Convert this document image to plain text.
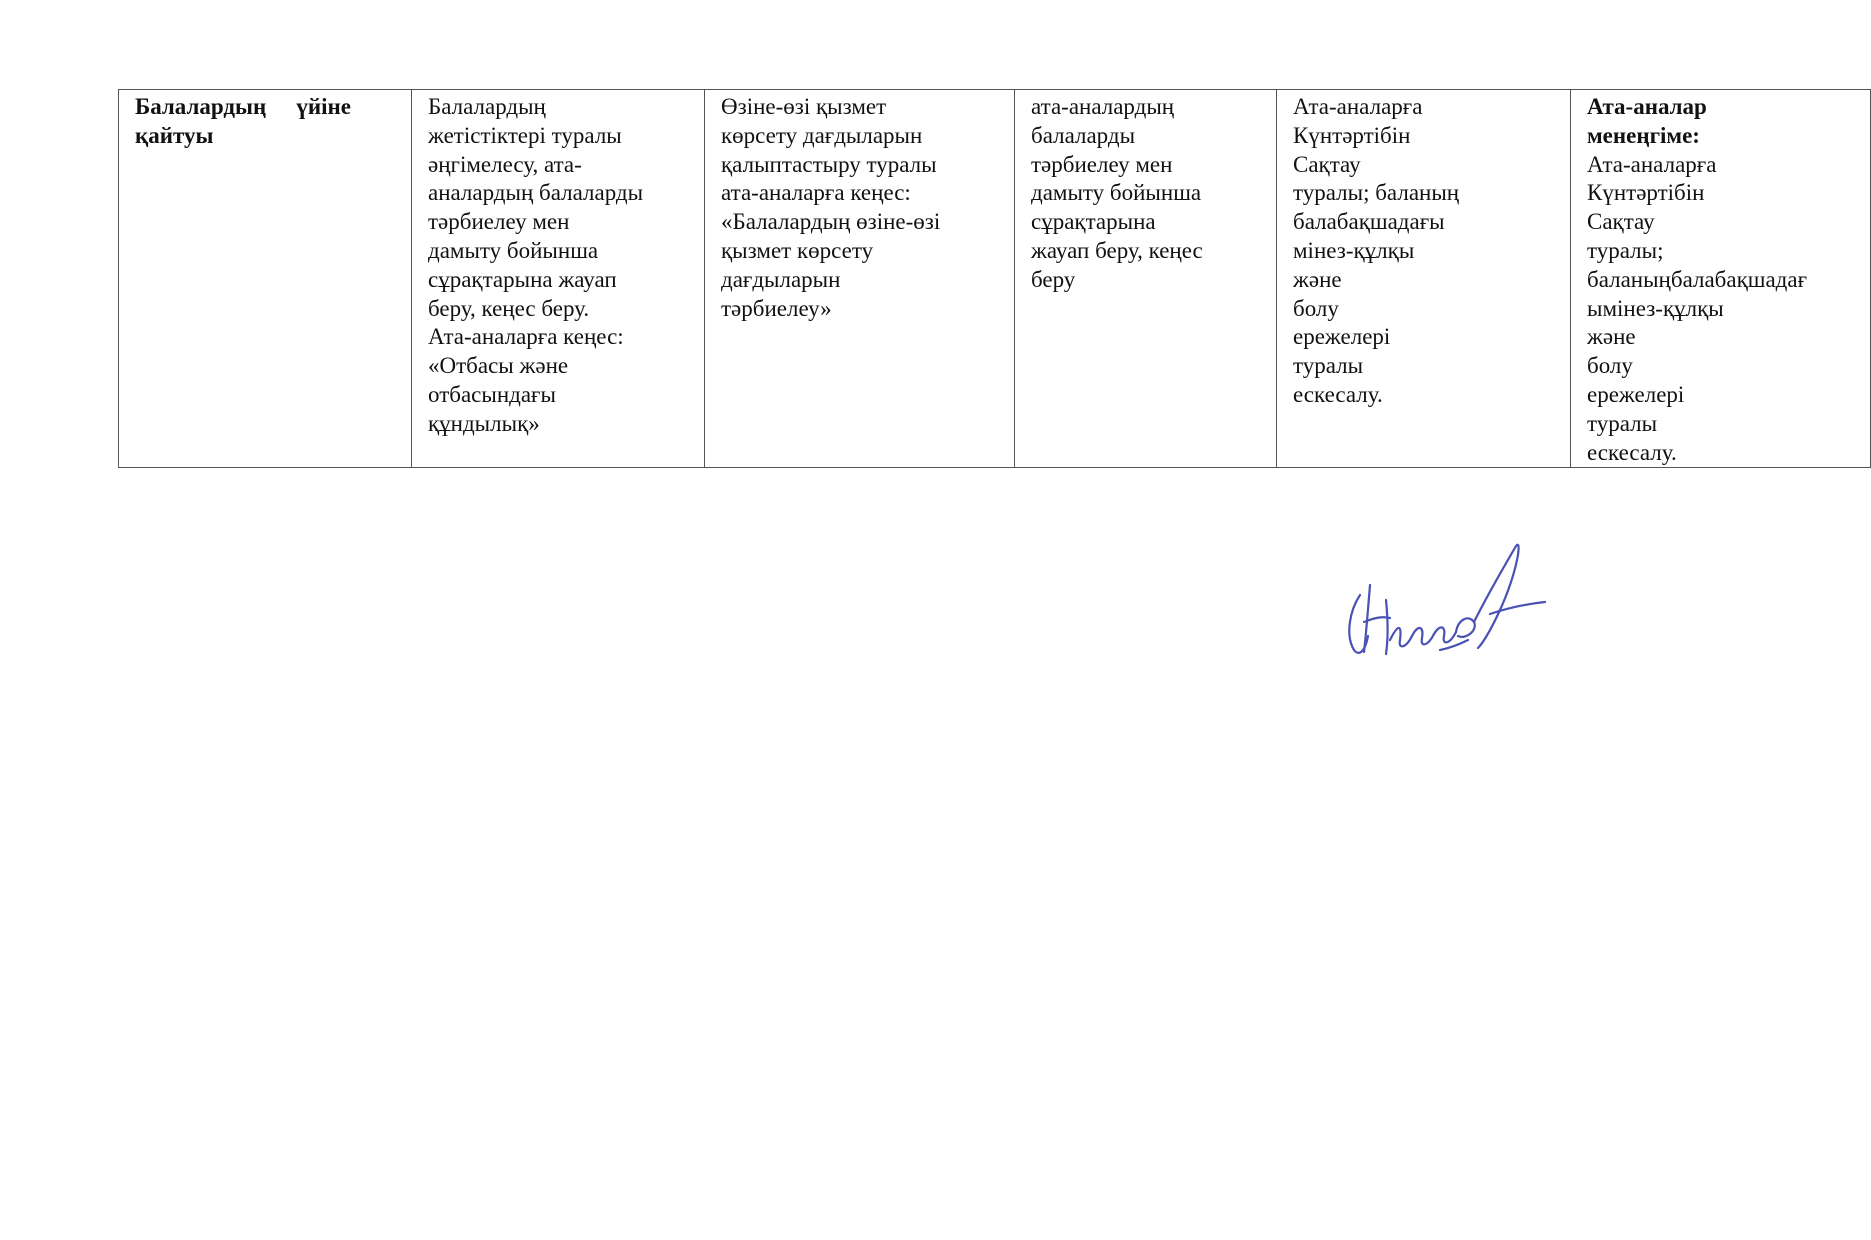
Балалардың үйіне
қайтуы

Балалардың
жетістіктері туралы
әңгімелесу, ата-
аналардың балаларды
тәрбиелеу мен
дамыту бойынша
сұрақтарына жауап
беру, кеңес беру.
Ата-аналарға кеңес:
«Отбасы және
отбасындағы
құндылық»

Өзіне-өзі қызмет
көрсету дағдыларын
қалыптастыру туралы
ата-аналарға кеңес:
«Балалардың өзіне-өзі
қызмет көрсету
дағдыларын
тәрбиелеу»

ата-аналардың
балаларды
тәрбиелеу мен
дамыту бойынша
сұрақтарына
жауап беру, кеңес
беру

Ата-аналарға
Күнтәртібін
Сақтау
туралы; баланың
балабақшадағы
мінез-құлқы
және
болу
ережелері
туралы
ескесалу.

Ата-аналар
менеңгіме:
Ата-аналарға
Күнтәртібін
Сақтау
туралы;
баланыңбалабақшадағ
ымінез-құлқы
және
болу
ережелері
туралы
ескесалу.
